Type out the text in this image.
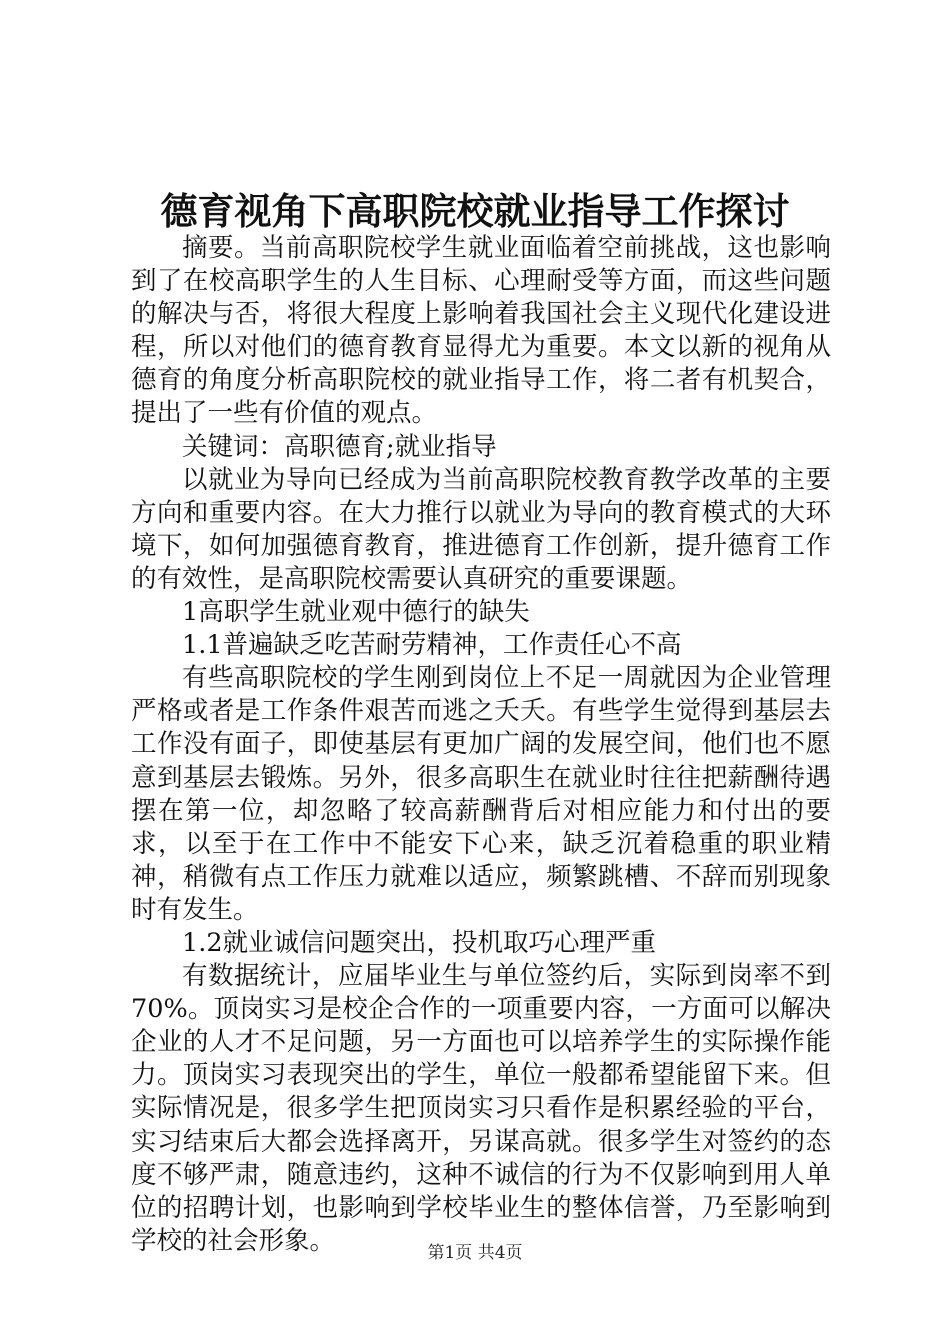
德育视角下高职院校就业指导工作探讨

摘要。当前高职院校学生就业面临着空前挑战，这也影响到了在校高职学生的人生目标、心理耐受等方面，而这些问题的解决与否，将很大程度上影响着我国社会主义现代化建设进程，所以对他们的德育教育显得尤为重要。本文以新的视角从德育的角度分析高职院校的就业指导工作，将二者有机契合，提出了一些有价值的观点。

关键词：高职德育;就业指导

以就业为导向已经成为当前高职院校教育教学改革的主要方向和重要内容。在大力推行以就业为导向的教育模式的大环境下，如何加强德育教育，推进德育工作创新，提升德育工作的有效性，是高职院校需要认真研究的重要课题。

1高职学生就业观中德行的缺失

1.1普遍缺乏吃苦耐劳精神，工作责任心不高

有些高职院校的学生刚到岗位上不足一周就因为企业管理严格或者是工作条件艰苦而逃之夭夭。有些学生觉得到基层去工作没有面子，即使基层有更加广阔的发展空间，他们也不愿意到基层去锻炼。另外，很多高职生在就业时往往把薪酬待遇摆在第一位，却忽略了较高薪酬背后对相应能力和付出的要求，以至于在工作中不能安下心来，缺乏沉着稳重的职业精神，稍微有点工作压力就难以适应，频繁跳槽、不辞而别现象时有发生。

1.2就业诚信问题突出，投机取巧心理严重

有数据统计，应届毕业生与单位签约后，实际到岗率不到70%。顶岗实习是校企合作的一项重要内容，一方面可以解决企业的人才不足问题，另一方面也可以培养学生的实际操作能力。顶岗实习表现突出的学生，单位一般都希望能留下来。但实际情况是，很多学生把顶岗实习只看作是积累经验的平台，实习结束后大都会选择离开，另谋高就。很多学生对签约的态度不够严肃，随意违约，这种不诚信的行为不仅影响到用人单位的招聘计划，也影响到学校毕业生的整体信誉，乃至影响到学校的社会形象。	第1页 共4页
